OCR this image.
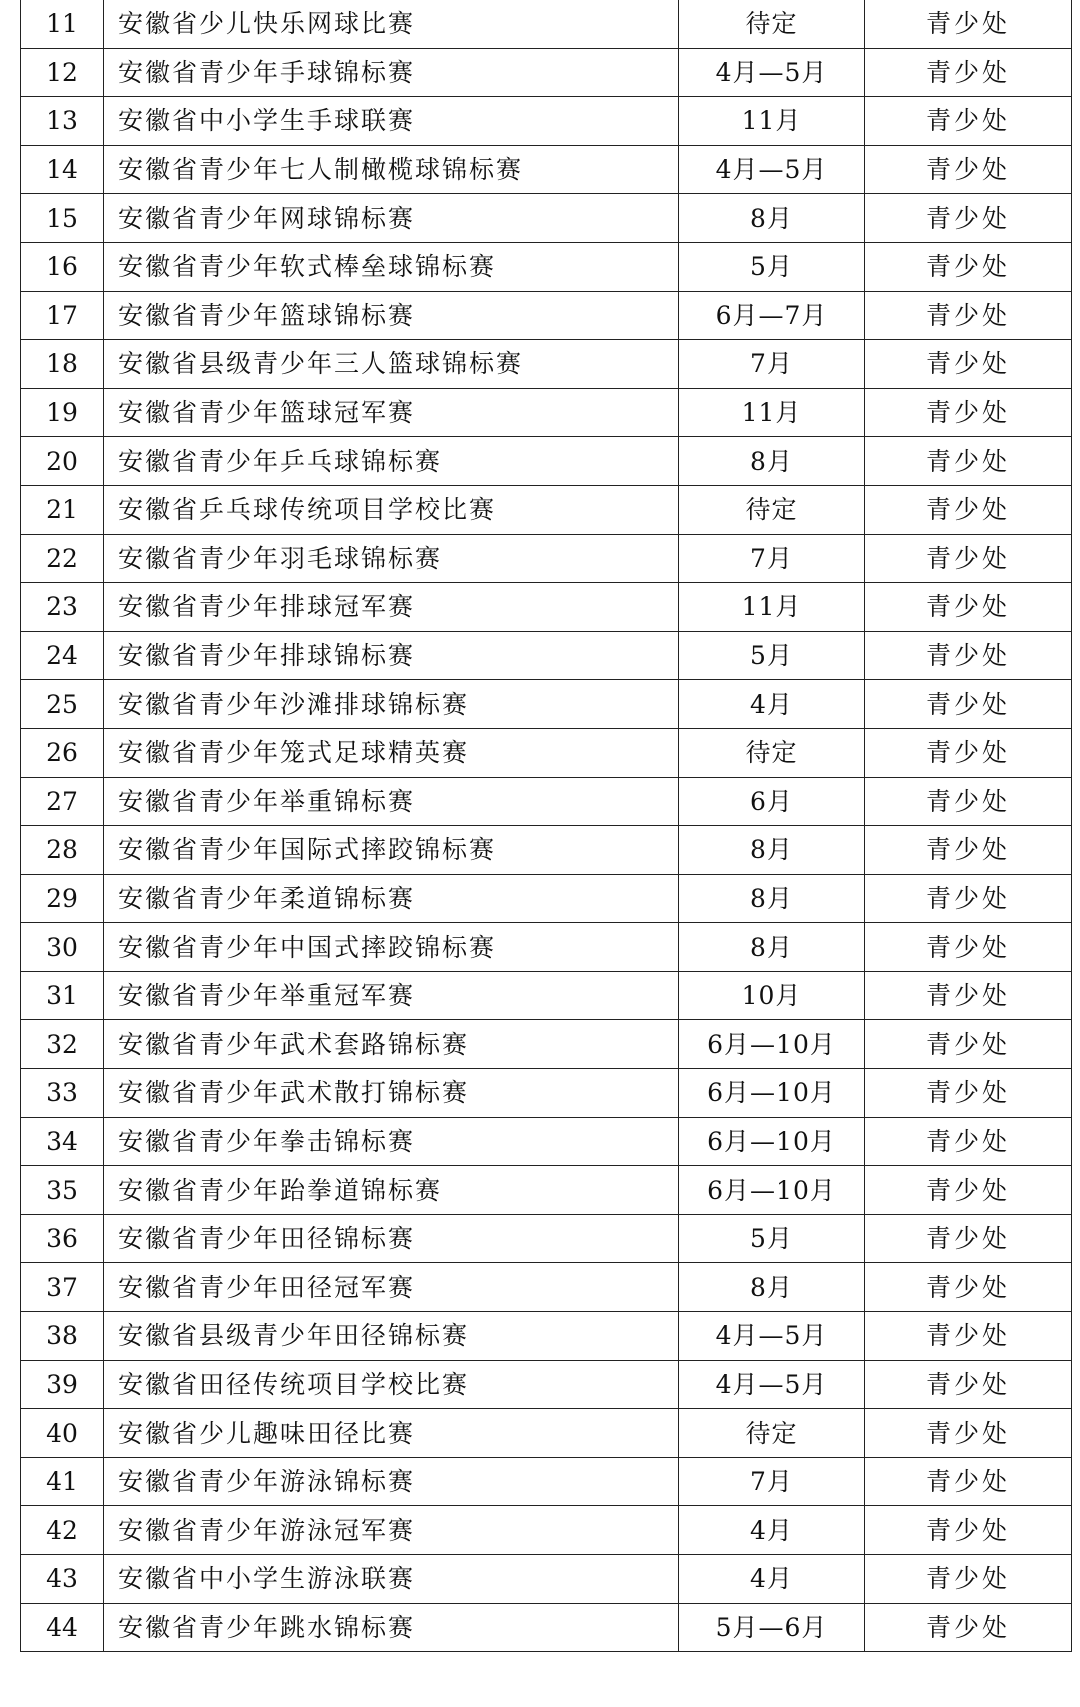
11	安徽省少儿快乐网球比赛	待定	青少处
12	安徽省青少年手球锦标赛	4月—5月	青少处
13	安徽省中小学生手球联赛	11月	青少处
14	安徽省青少年七人制橄榄球锦标赛	4月—5月	青少处
15	安徽省青少年网球锦标赛	8月	青少处
16	安徽省青少年软式棒垒球锦标赛	5月	青少处
17	安徽省青少年篮球锦标赛	6月—7月	青少处
18	安徽省县级青少年三人篮球锦标赛	7月	青少处
19	安徽省青少年篮球冠军赛	11月	青少处
20	安徽省青少年乒乓球锦标赛	8月	青少处
21	安徽省乒乓球传统项目学校比赛	待定	青少处
22	安徽省青少年羽毛球锦标赛	7月	青少处
23	安徽省青少年排球冠军赛	11月	青少处
24	安徽省青少年排球锦标赛	5月	青少处
25	安徽省青少年沙滩排球锦标赛	4月	青少处
26	安徽省青少年笼式足球精英赛	待定	青少处
27	安徽省青少年举重锦标赛	6月	青少处
28	安徽省青少年国际式摔跤锦标赛	8月	青少处
29	安徽省青少年柔道锦标赛	8月	青少处
30	安徽省青少年中国式摔跤锦标赛	8月	青少处
31	安徽省青少年举重冠军赛	10月	青少处
32	安徽省青少年武术套路锦标赛	6月—10月	青少处
33	安徽省青少年武术散打锦标赛	6月—10月	青少处
34	安徽省青少年拳击锦标赛	6月—10月	青少处
35	安徽省青少年跆拳道锦标赛	6月—10月	青少处
36	安徽省青少年田径锦标赛	5月	青少处
37	安徽省青少年田径冠军赛	8月	青少处
38	安徽省县级青少年田径锦标赛	4月—5月	青少处
39	安徽省田径传统项目学校比赛	4月—5月	青少处
40	安徽省少儿趣味田径比赛	待定	青少处
41	安徽省青少年游泳锦标赛	7月	青少处
42	安徽省青少年游泳冠军赛	4月	青少处
43	安徽省中小学生游泳联赛	4月	青少处
44	安徽省青少年跳水锦标赛	5月—6月	青少处
